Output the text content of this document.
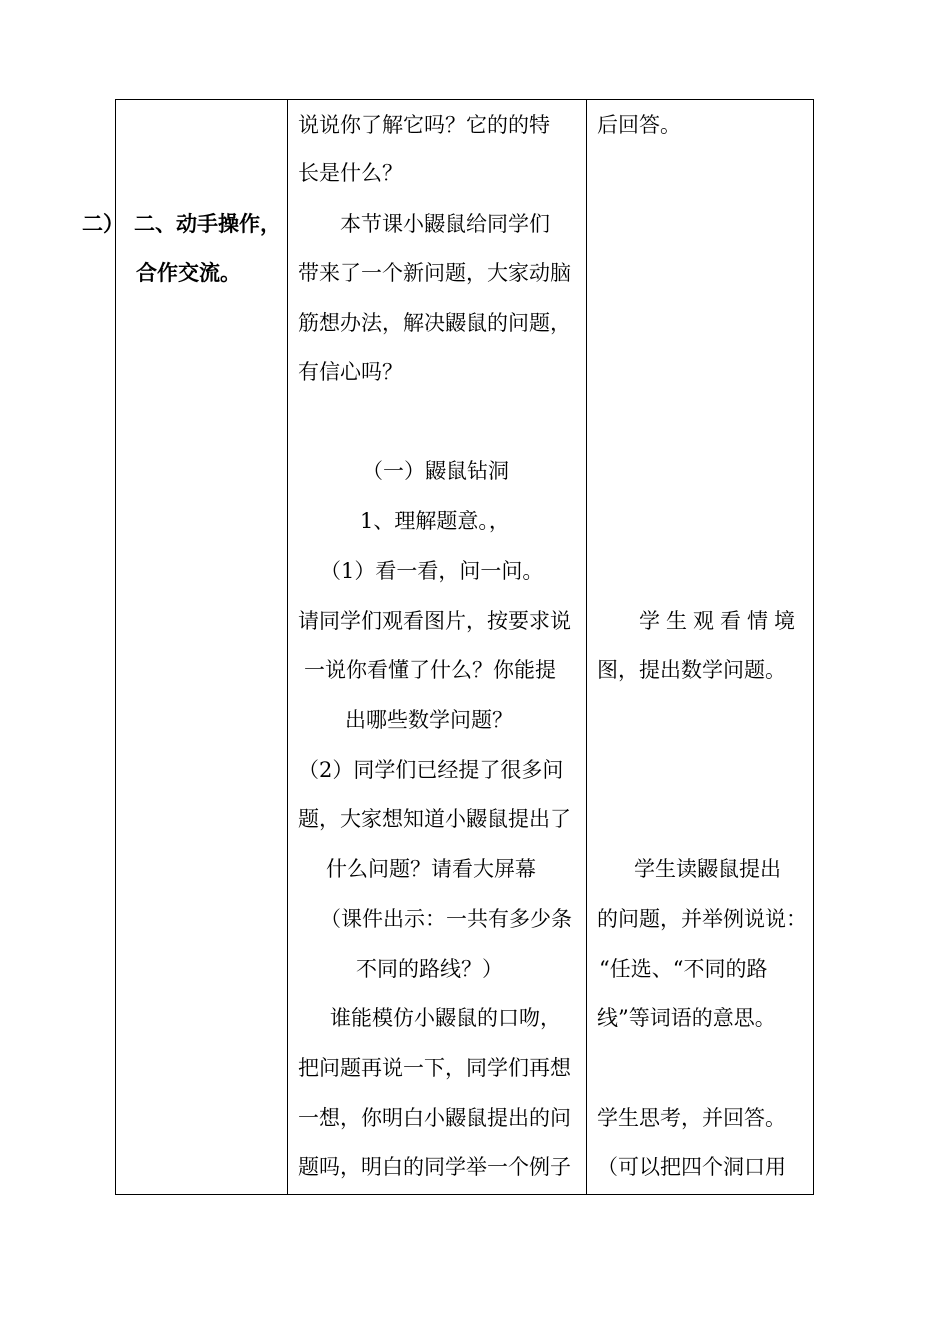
二） 二、动手操作，
合作交流。
说说你了解它吗？它的的特
长是什么？
本节课小鼹鼠给同学们
带来了一个新问题，大家动脑
筋想办法，解决鼹鼠的问题，
有信心吗？
（一）鼹鼠钻洞
1、理解题意。，
（1）看一看，问一问。
请同学们观看图片，按要求说
一说你看懂了什么？你能提
出哪些数学问题？
（2）同学们已经提了很多问
题，大家想知道小鼹鼠提出了
什么问题？请看大屏幕
（课件出示：一共有多少条
不同的路线？）
谁能模仿小鼹鼠的口吻，
把问题再说一下，同学们再想
一想，你明白小鼹鼠提出的问
题吗，明白的同学举一个例子
后回答。
学生观看情境
图，提出数学问题。
学生读鼹鼠提出
的问题，并举例说说：
“任选、“不同的路
线”等词语的意思。
学生思考，并回答。
（可以把四个洞口用
